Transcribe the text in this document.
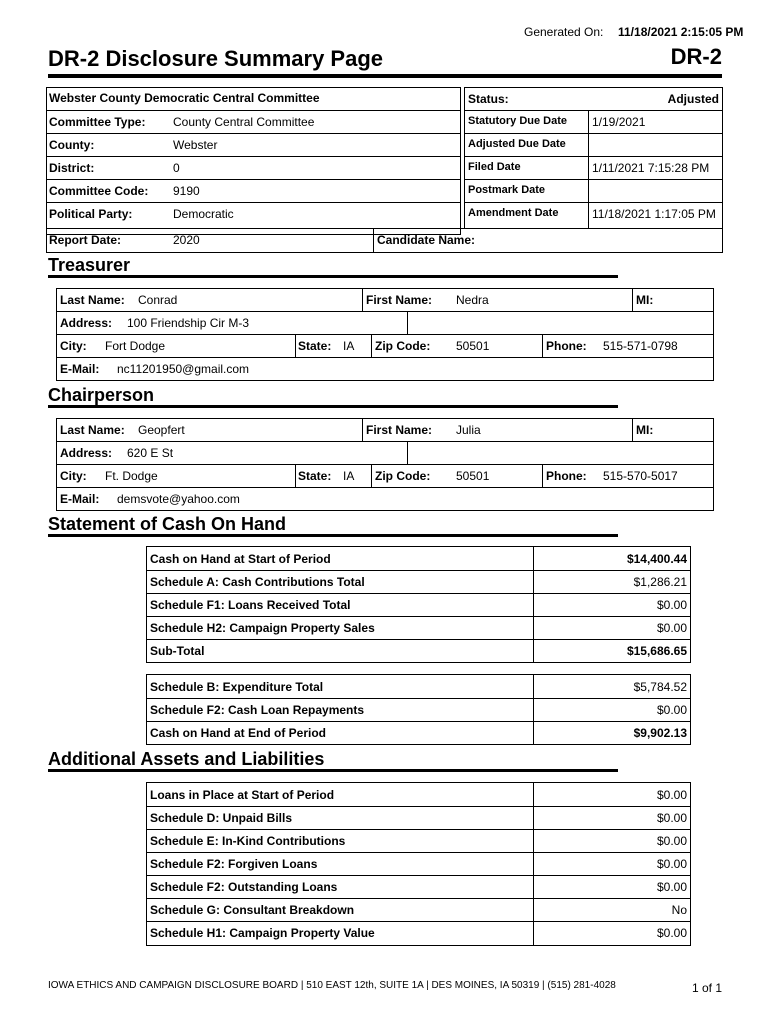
Generated On: 11/18/2021 2:15:05 PM
DR-2 Disclosure Summary Page	DR-2
Webster County Democratic Central Committee
Committee Type: County Central Committee
County:	Webster
District:	0
Committee Code: 9190
Political Party:	Democratic
Report Date:	2020	Candidate Name:
Status:	Adjusted
Statutory Due Date 1/19/2021
Adjusted Due Date
Filed Date	1/11/2021 7:15:28 PM
Postmark Date
Amendment Date	11/18/2021 1:17:05 PM
Treasurer
Last Name: Conrad	First Name: Nedra	MI:
Address: 100 Friendship Cir M-3
City: Fort Dodge	State: IA Zip Code: 50501	Phone: 515-571-0798
E-Mail: nc11201950@gmail.com
Chairperson
Last Name: Geopfert	First Name: Julia	MI:
Address: 620 E St
City: Ft. Dodge	State: IA Zip Code: 50501	Phone: 515-570-5017
E-Mail: demsvote@yahoo.com
Statement of Cash On Hand
Cash on Hand at Start of Period	$14,400.44
Schedule A: Cash Contributions Total	$1,286.21
Schedule F1: Loans Received Total	$0.00
Schedule H2: Campaign Property Sales	$0.00
Sub-Total	$15,686.65
Schedule B: Expenditure Total	$5,784.52
Schedule F2: Cash Loan Repayments	$0.00
Cash on Hand at End of Period	$9,902.13
Additional Assets and Liabilities
Loans in Place at Start of Period	$0.00
Schedule D: Unpaid Bills	$0.00
Schedule E: In-Kind Contributions	$0.00
Schedule F2: Forgiven Loans	$0.00
Schedule F2: Outstanding Loans	$0.00
Schedule G: Consultant Breakdown	No
Schedule H1: Campaign Property Value	$0.00
IOWA ETHICS AND CAMPAIGN DISCLOSURE BOARD | 510 EAST 12th, SUITE 1A | DES MOINES, IA 50319 | (515) 281-4028	1 of 1
